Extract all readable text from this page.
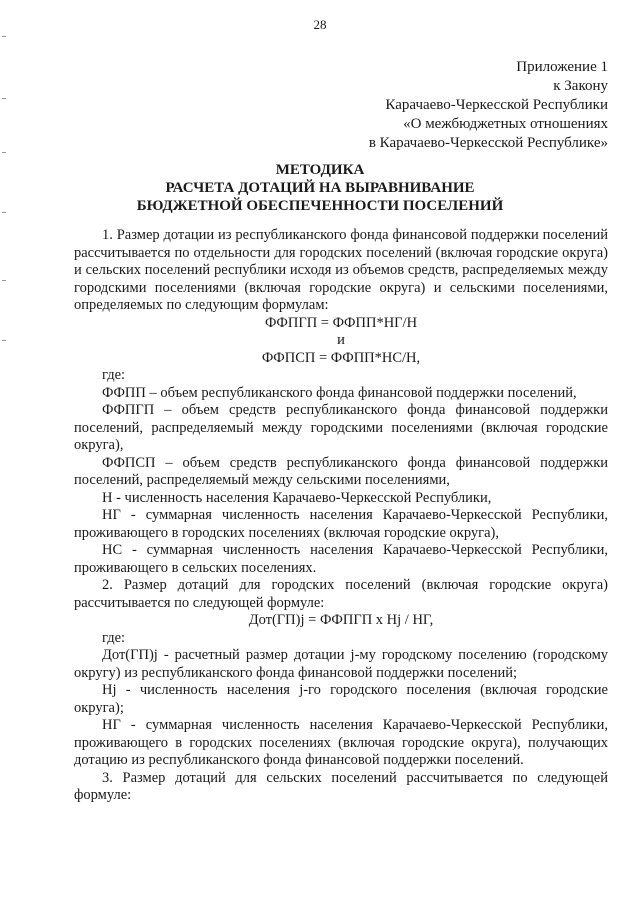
28
Приложение 1
к Закону
Карачаево-Черкесской Республики
«О межбюджетных отношениях
в Карачаево-Черкесской Республике»
МЕТОДИКА
РАСЧЕТА ДОТАЦИЙ НА ВЫРАВНИВАНИЕ
БЮДЖЕТНОЙ ОБЕСПЕЧЕННОСТИ ПОСЕЛЕНИЙ

1. Размер дотации из республиканского фонда финансовой поддержки поселений рассчитывается по отдельности для городских поселений (включая городские округа) и сельских поселений республики исходя из объемов средств, распределяемых между городскими поселениями (включая городские округа) и сельскими поселениями, определяемых по следующим формулам:

ФФПГП = ФФПП*НГ/Н

и

ФФПСП = ФФПП*НС/Н,

где:

ФФПП – объем республиканского фонда финансовой поддержки поселений,

ФФПГП – объем средств республиканского фонда финансовой поддержки поселений, распределяемый между городскими поселениями (включая городские округа),

ФФПСП – объем средств республиканского фонда финансовой поддержки поселений, распределяемый между сельскими поселениями,

Н - численность населения Карачаево-Черкесской Республики,

НГ - суммарная численность населения Карачаево-Черкесской Республики, проживающего в городских поселениях (включая городские округа),

НС - суммарная численность населения Карачаево-Черкесской Республики, проживающего в сельских поселениях.

2. Размер дотаций для городских поселений (включая городские округа) рассчитывается по следующей формуле:

Дот(ГП)j = ФФПГП х Нj / НГ,

где:

Дот(ГП)j - расчетный размер дотации j-му городскому поселению (городскому округу) из республиканского фонда финансовой поддержки поселений;

Нj - численность населения j-го городского поселения (включая городские округа);

НГ - суммарная численность населения Карачаево-Черкесской Республики, проживающего в городских поселениях (включая городские округа), получающих дотацию из республиканского фонда финансовой поддержки поселений.

3. Размер дотаций для сельских поселений рассчитывается по следующей формуле:
